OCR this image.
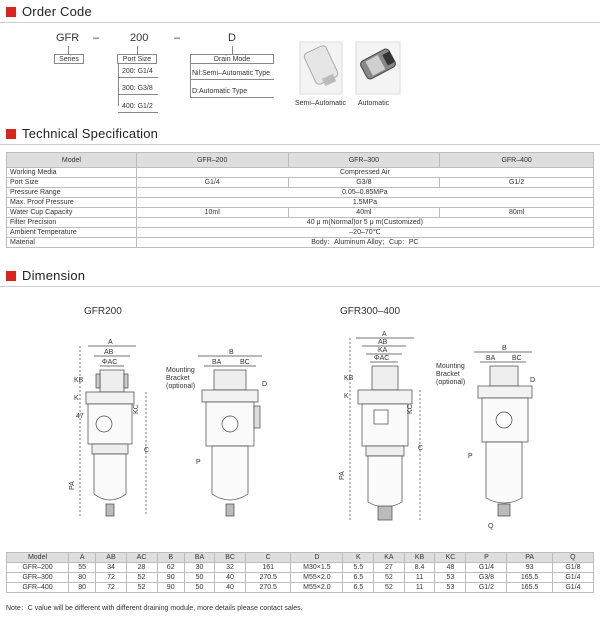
Order Code
GFR –	200 –	D
Series	Port Size	Drain Mode
200: G1/4
300: G3/8
400: G1/2
Nil:Semi–Automatic Type
D:Automatic Type
Semi–Automatic Automatic
Technical Specification
Model	GFR–200	GFR–300	GFR–400
Working Media	Compressed Air		
Port Size	G1/4	G3/8	G1/2
Pressure Range	0.05–0.85MPa		
Max. Proof Pressure	1.5MPa		
Water Cup Capacity	10ml	40ml	80ml
Filter Precision	40 μ m(Normal)or 5 μ m(Customized)		
Ambient Temperature	–20–70℃		
Material	Body：Aluminum Alloy；Cup：PC		
Dimension
GFR200	GFR300–400
A
AB
ΦAC
KB
K
47
KC
C
PA
B
BA	BC
Mounting
Bracket
(optional)	D
P
A
AB
KA
ΦAC
KB
K
KC
C
PA
B
BA BC
Mounting
Bracket
(optional)	D
P
Q
Model	A	AB	AC	B	BA	BC	C	D	K	KA	KB	KC	P	PA	Q
GFR–200	55	34	28	62	30	32	161	M30×1.5	5.5	27	8.4	48	G1/4	93	G1/8
GFR–300	80	72	52	90	50	40	270.5	M55×2.0	6.5	52	11	53	G3/8	165.5	G1/4
GFR–400	80	72	52	90	50	40	270.5	M55×2.0	6.5	52	11	53	G1/2	165.5	G1/4
Note：C value will be different with different draining module, more details please contact sales.
